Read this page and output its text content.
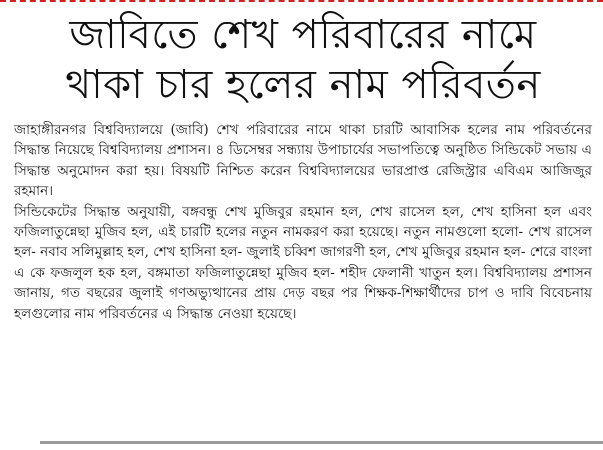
জাবিতে শেখ পরিবারের নামে
থাকা চার হলের নাম পরিবর্তন

জাহাঙ্গীরনগর বিশ্ববিদ্যালয়ে (জাবি) শেখ পরিবারের নামে থাকা চারটি আবাসিক হলের নাম পরিবর্তনের সিদ্ধান্ত নিয়েছে বিশ্ববিদ্যালয় প্রশাসন। ৪ ডিসেম্বর সন্ধ্যায় উপাচার্যের সভাপতিত্বে অনুষ্ঠিত সিন্ডিকেট সভায় এ সিদ্ধান্ত অনুমোদন করা হয়। বিষয়টি নিশ্চিত করেন বিশ্ববিদ্যালয়ের ভারপ্রাপ্ত রেজিস্ট্রার এবিএম আজিজুর রহমান।

সিন্ডিকেটের সিদ্ধান্ত অনুযায়ী, বঙ্গবন্ধু শেখ মুজিবুর রহমান হল, শেখ রাসেল হল, শেখ হাসিনা হল এবং ফজিলাতুন্নেছা মুজিব হল, এই চারটি হলের নতুন নামকরণ করা হয়েছে। নতুন নামগুলো হলো- শেখ রাসেল হল- নবাব সলিমুল্লাহ হল, শেখ হাসিনা হল- জুলাই চব্বিশ জাগরণী হল, শেখ মুজিবুর রহমান হল- শেরে বাংলা এ কে ফজলুল হক হল, বঙ্গমাতা ফজিলাতুন্নেছা মুজিব হল- শহীদ ফেলানী খাতুন হল। বিশ্ববিদ্যালয় প্রশাসন জানায়, গত বছরের জুলাই গণঅভ্যুত্থানের প্রায় দেড় বছর পর শিক্ষক-শিক্ষার্থীদের চাপ ও দাবি বিবেচনায় হলগুলোর নাম পরিবর্তনের এ সিদ্ধান্ত নেওয়া হয়েছে।
